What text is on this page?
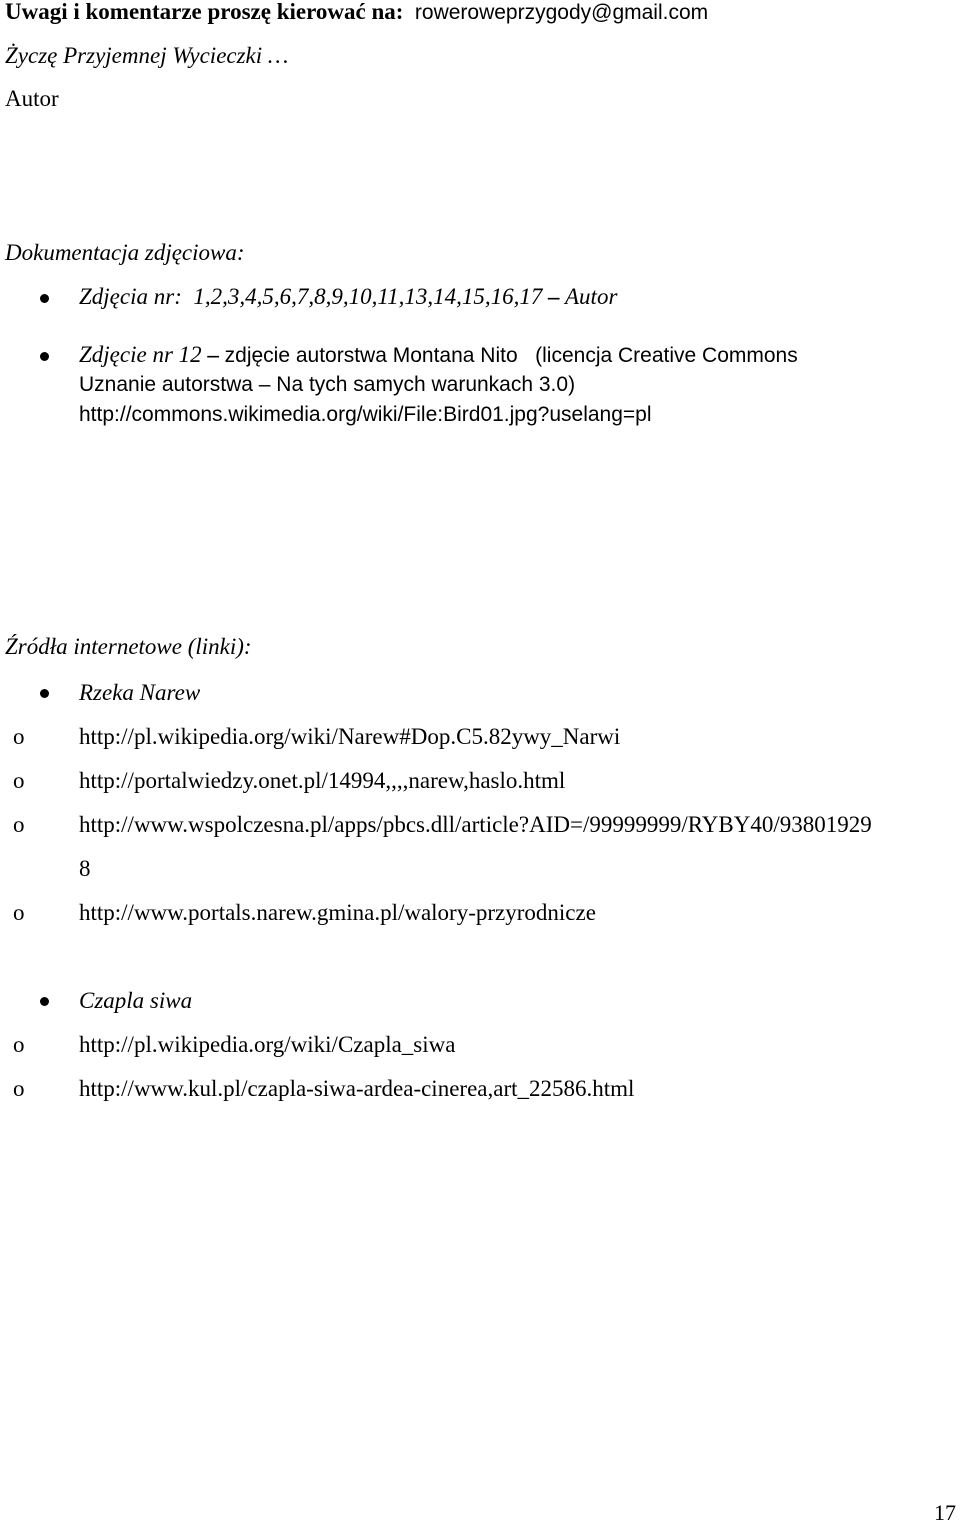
Uwagi i komentarze proszę kierować na: roweroweprzygody@gmail.com
Życzę Przyjemnej Wycieczki …
Autor
Dokumentacja zdjęciowa:
Zdjęcia nr: 1,2,3,4,5,6,7,8,9,10,11,13,14,15,16,17 – Autor
Zdjęcie nr 12 – zdjęcie autorstwa Montana Nito   (licencja Creative Commons
Uznanie autorstwa – Na tych samych warunkach 3.0)
http://commons.wikimedia.org/wiki/File:Bird01.jpg?uselang=pl
Źródła internetowe (linki):
Rzeka Narew
o http://pl.wikipedia.org/wiki/Narew#Dop.C5.82ywy_Narwi
o http://portalwiedzy.onet.pl/14994,,,,narew,haslo.html
o http://www.wspolczesna.pl/apps/pbcs.dll/article?AID=/99999999/RYBY40/93801929
8
o http://www.portals.narew.gmina.pl/walory-przyrodnicze
Czapla siwa
o http://pl.wikipedia.org/wiki/Czapla_siwa
o http://www.kul.pl/czapla-siwa-ardea-cinerea,art_22586.html
17
